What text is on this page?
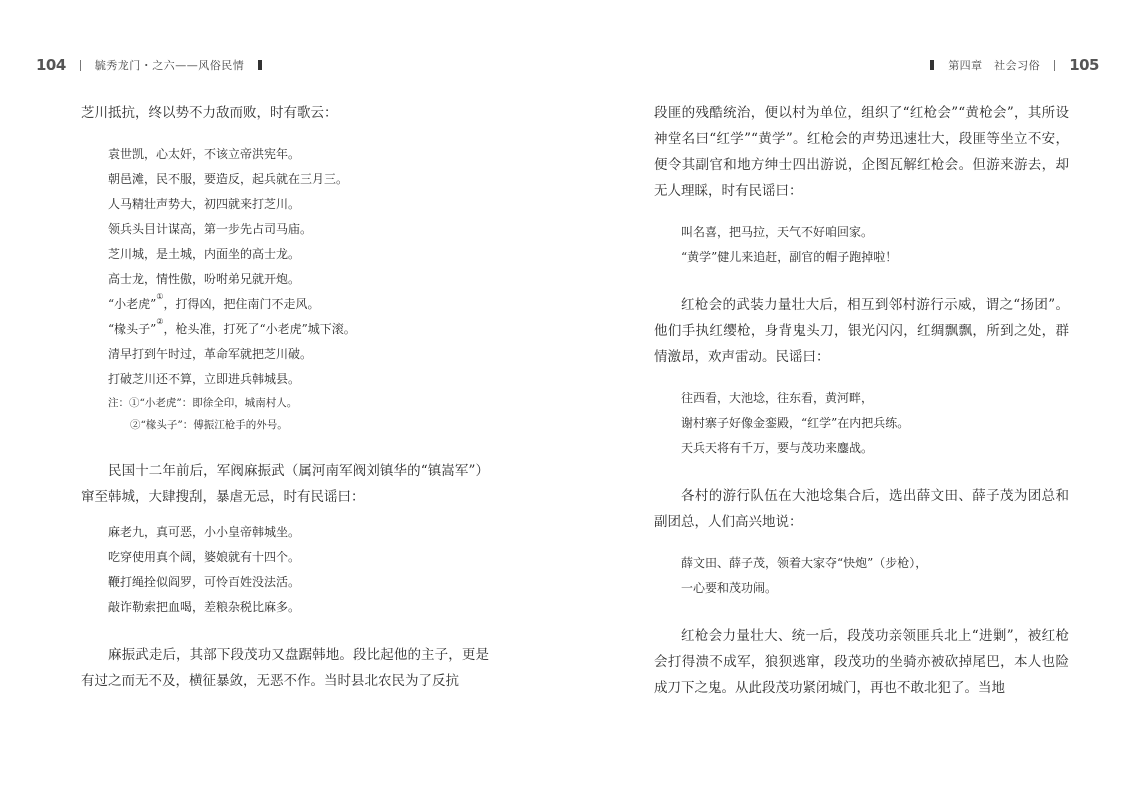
104	毓秀龙门・之六——风俗民情

芝川抵抗，终以势不力敌而败，时有歌云：

袁世凯，心太奸，不该立帝洪宪年。

朝邑滩，民不服，要造反，起兵就在三月三。

人马精壮声势大，初四就来打芝川。

领兵头目计谋高，第一步先占司马庙。

芝川城，是土城，内面坐的高士龙。

高士龙，情性傲，吩咐弟兄就开炮。

“小老虎”①，打得凶，把住南门不走风。

“椽头子”②，枪头准，打死了“小老虎”城下滚。

清早打到午时过，革命军就把芝川破。

打破芝川还不算，立即进兵韩城县。

注：①“小老虎”：即徐全印，城南村人。

②“椽头子”：傅振江枪手的外号。

民国十二年前后，军阀麻振武（属河南军阀刘镇华的“镇嵩军”）窜至韩城，大肆搜刮，暴虐无忌，时有民谣曰：

麻老九，真可恶，小小皇帝韩城坐。

吃穿使用真个阔，婆娘就有十四个。

鞭打绳拴似阎罗，可怜百姓没法活。

敲诈勒索把血喝，差粮杂税比麻多。

麻振武走后，其部下段茂功又盘踞韩地。段比起他的主子，更是有过之而无不及，横征暴敛，无恶不作。当时县北农民为了反抗

第四章　社会习俗 105

段匪的残酷统治，便以村为单位，组织了“红枪会”“黄枪会”，其所设神堂名曰“红学”“黄学”。红枪会的声势迅速壮大，段匪等坐立不安，便令其副官和地方绅士四出游说，企图瓦解红枪会。但游来游去，却无人理睬，时有民谣曰：

叫名喜，把马拉，天气不好咱回家。

“黄学”健儿来追赶，副官的帽子跑掉啦！

红枪会的武装力量壮大后，相互到邻村游行示威，谓之“扬团”。他们手执红缨枪，身背鬼头刀，银光闪闪，红绸飘飘，所到之处，群情激昂，欢声雷动。民谣曰：

往西看，大池埝，往东看，黄河畔，

谢村寨子好像金銮殿，“红学”在内把兵练。

天兵天将有千万，要与茂功来鏖战。

各村的游行队伍在大池埝集合后，选出薛文田、薛子茂为团总和副团总，人们高兴地说：

薛文田、薛子茂，领着大家夺“快炮”（步枪），

一心要和茂功闹。

红枪会力量壮大、统一后，段茂功亲领匪兵北上“进剿”，被红枪会打得溃不成军，狼狈逃窜，段茂功的坐骑亦被砍掉尾巴，本人也险成刀下之鬼。从此段茂功紧闭城门，再也不敢北犯了。当地
